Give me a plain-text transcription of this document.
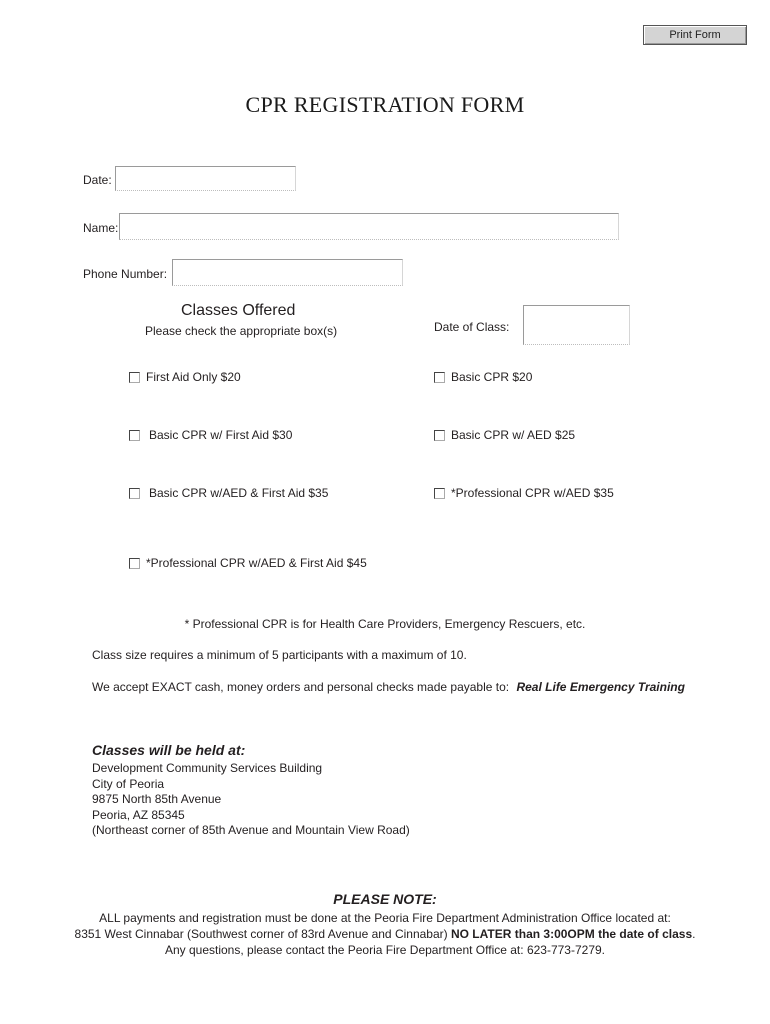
Print Form
CPR REGISTRATION FORM
Date:
Name:
Phone Number:
Classes Offered
Please check the appropriate box(s)	Date of Class:
First Aid Only $20	Basic CPR $20
Basic CPR w/ First Aid $30	Basic CPR w/ AED $25
Basic CPR w/AED & First Aid $35	*Professional CPR w/AED $35
*Professional CPR w/AED & First Aid $45
* Professional CPR is for Health Care Providers, Emergency Rescuers, etc.
Class size requires a minimum of 5 participants with a maximum of 10.
We accept EXACT cash, money orders and personal checks made payable to: Real Life Emergency Training
Classes will be held at:
Development Community Services Building
City of Peoria
9875 North 85th Avenue
Peoria, AZ 85345
(Northeast corner of 85th Avenue and Mountain View Road)
PLEASE NOTE:
ALL payments and registration must be done at the Peoria Fire Department Administration Office located at:
8351 West Cinnabar (Southwest corner of 83rd Avenue and Cinnabar) NO LATER than 3:00OPM the date of class.
Any questions, please contact the Peoria Fire Department Office at: 623-773-7279.
